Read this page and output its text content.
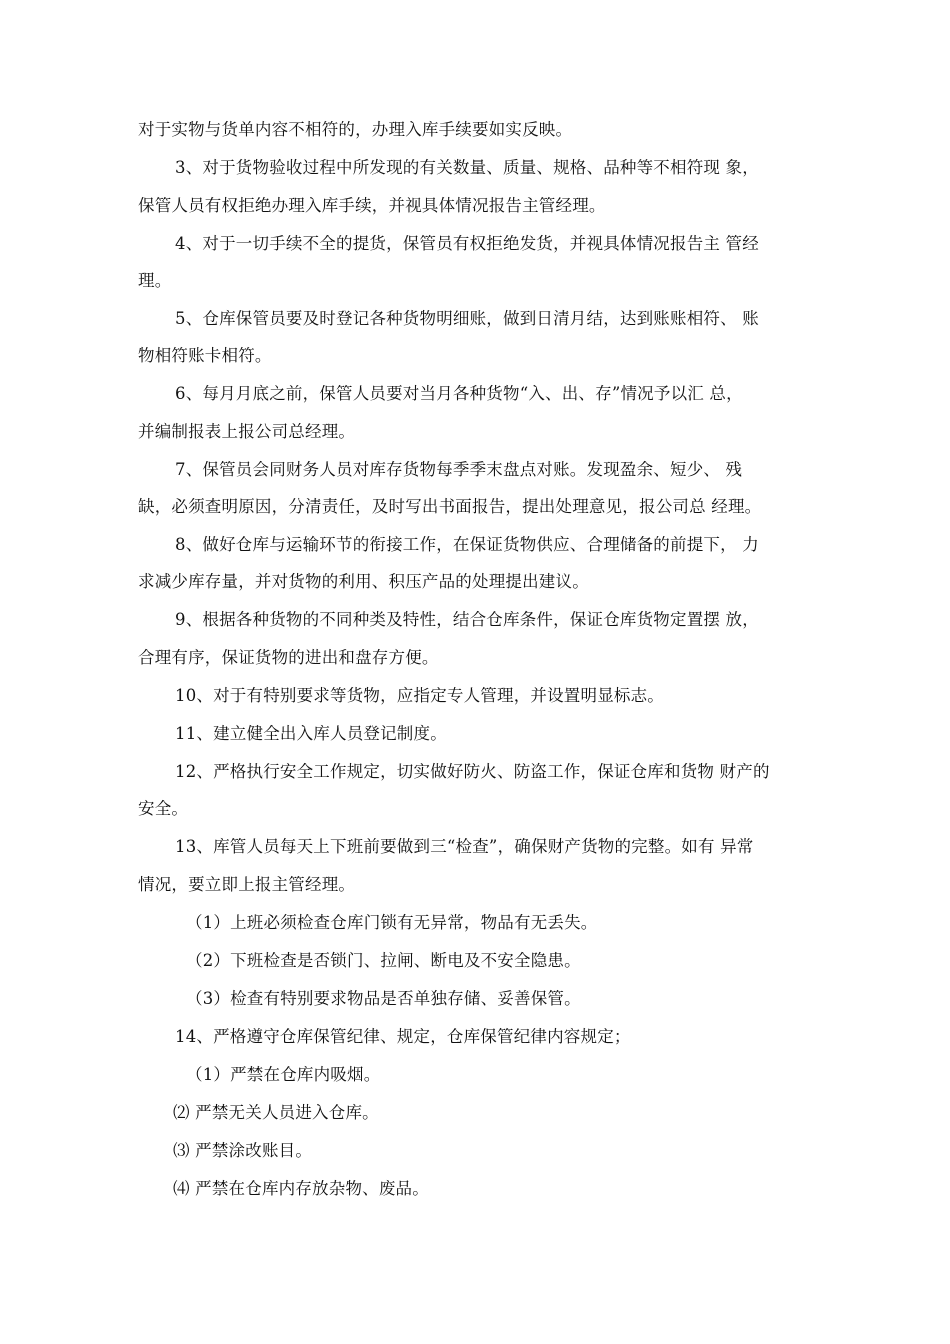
对于实物与货单内容不相符的，办理入库手续要如实反映。
3、对于货物验收过程中所发现的有关数量、质量、规格、品种等不相符现 象，
保管人员有权拒绝办理入库手续，并视具体情况报告主管经理。
4、对于一切手续不全的提货，保管员有权拒绝发货，并视具体情况报告主 管经
理。
5、仓库保管员要及时登记各种货物明细账，做到日清月结，达到账账相符、 账
物相符账卡相符。
6、每月月底之前，保管人员要对当月各种货物“入、出、存”情况予以汇 总，
并编制报表上报公司总经理。
7、保管员会同财务人员对库存货物每季季末盘点对账。发现盈余、短少、 残
缺，必须查明原因，分清责任，及时写出书面报告，提出处理意见，报公司总 经理。
8、做好仓库与运输环节的衔接工作，在保证货物供应、合理储备的前提下， 力
求减少库存量，并对货物的利用、积压产品的处理提出建议。
9、根据各种货物的不同种类及特性，结合仓库条件，保证仓库货物定置摆 放，
合理有序，保证货物的进出和盘存方便。
10、对于有特别要求等货物，应指定专人管理，并设置明显标志。
11、建立健全出入库人员登记制度。
12、严格执行安全工作规定，切实做好防火、防盗工作，保证仓库和货物 财产的
安全。
13、库管人员每天上下班前要做到三“检查”，确保财产货物的完整。如有 异常
情况，要立即上报主管经理。
（1）上班必须检查仓库门锁有无异常，物品有无丢失。
（2）下班检查是否锁门、拉闸、断电及不安全隐患。
（3）检查有特别要求物品是否单独存储、妥善保管。
14、严格遵守仓库保管纪律、规定，仓库保管纪律内容规定；
（1）严禁在仓库内吸烟。
⑵ 严禁无关人员进入仓库。
⑶ 严禁涂改账目。
⑷ 严禁在仓库内存放杂物、废品。
